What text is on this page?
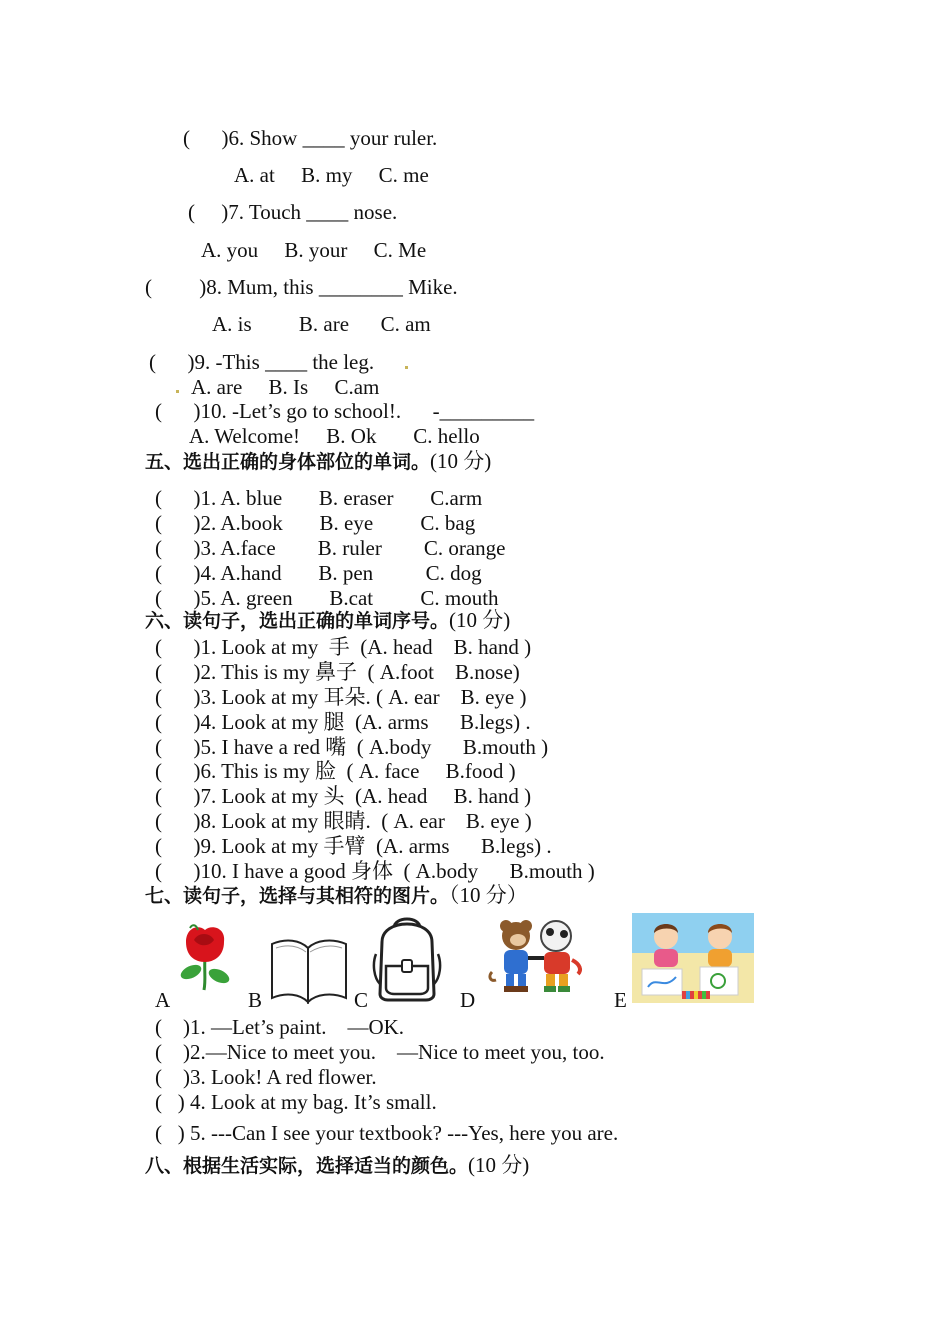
(      )6. Show ____ your ruler.
A. at     B. my     C. me
(     )7. Touch ____ nose.
A. you     B. your     C. Me
(         )8. Mum, this ________ Mike.
A. is         B. are      C. am
(      )9. -This ____ the leg.
A. are     B. Is     C.am
(      )10. -Let’s go to school!.      -_________
A. Welcome!     B. Ok       C. hello
五、选出正确的身体部位的单词。(10 分)
(      )1. A. blue       B. eraser       C.arm
(      )2. A.book       B. eye         C. bag
(      )3. A.face        B. ruler        C. orange
(      )4. A.hand       B. pen          C. dog
(      )5. A. green       B.cat         C. mouth
六、读句子，选出正确的单词序号。(10 分)
(      )1. Look at my  手  (A. head    B. hand )
(      )2. This is my 鼻子  ( A.foot    B.nose)
(      )3. Look at my 耳朵. ( A. ear    B. eye )
(      )4. Look at my 腿  (A. arms      B.legs) .
(      )5. I have a red 嘴  ( A.body      B.mouth )
(      )6. This is my 脸  ( A. face     B.food )
(      )7. Look at my 头  (A. head     B. hand )
(      )8. Look at my 眼睛.  ( A. ear    B. eye )
(      )9. Look at my 手臂  (A. arms      B.legs) .
(      )10. I have a good 身体  ( A.body      B.mouth )
七、读句子，选择与其相符的图片。（10 分）
A	B	C	D	E
(    )1. —Let’s paint.    —OK.
(    )2.—Nice to meet you.    —Nice to meet you, too.
(    )3. Look! A red flower.
(   ) 4. Look at my bag. It’s small.
(   ) 5. ---Can I see your textbook? ---Yes, here you are.
八、根据生活实际，选择适当的颜色。(10 分)
